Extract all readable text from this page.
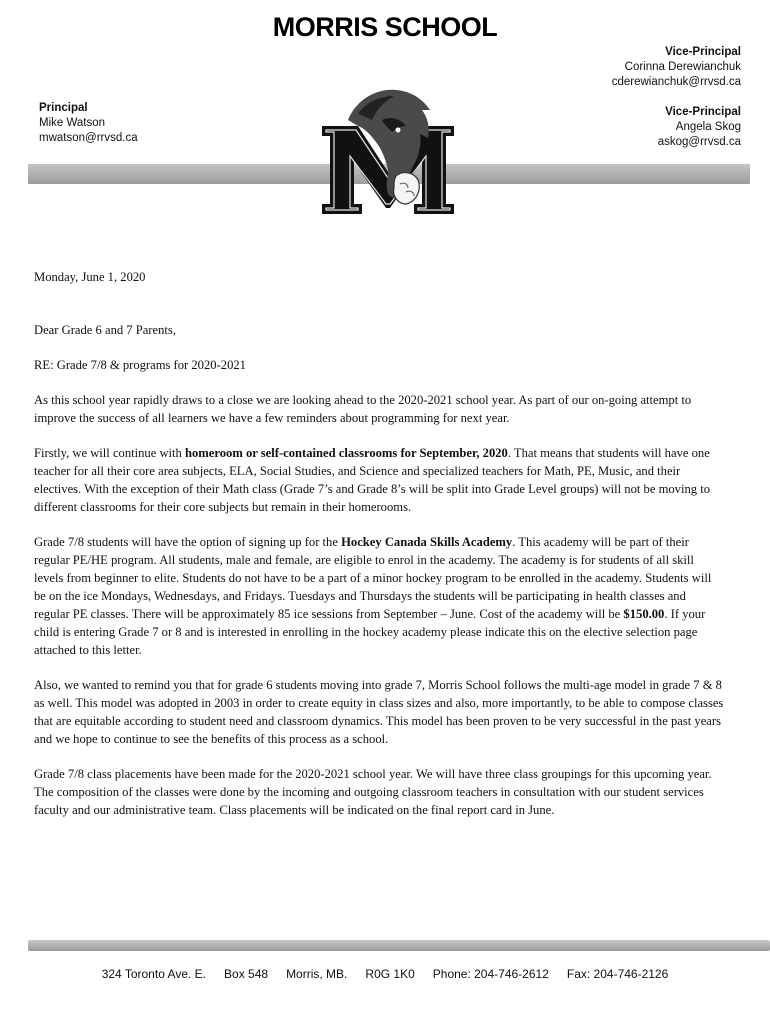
MORRIS SCHOOL
Principal
Mike Watson
mwatson@rrvsd.ca
Vice-Principal
Corinna Derewianchuk
cderewianchuk@rrvsd.ca
Vice-Principal
Angela Skog
askog@rrvsd.ca

Monday, June 1, 2020

Dear Grade 6 and 7 Parents,

RE: Grade 7/8 & programs for 2020-2021

As this school year rapidly draws to a close we are looking ahead to the 2020-2021 school year. As part of our on-going attempt to improve the success of all learners we have a few reminders about programming for next year.

Firstly, we will continue with homeroom or self-contained classrooms for September, 2020. That means that students will have one teacher for all their core area subjects, ELA, Social Studies, and Science and specialized teachers for Math, PE, Music, and their electives. With the exception of their Math class (Grade 7’s and Grade 8’s will be split into Grade Level groups) will not be moving to different classrooms for their core subjects but remain in their homerooms.

Grade 7/8 students will have the option of signing up for the Hockey Canada Skills Academy. This academy will be part of their regular PE/HE program. All students, male and female, are eligible to enrol in the academy. The academy is for students of all skill levels from beginner to elite. Students do not have to be a part of a minor hockey program to be enrolled in the academy. Students will be on the ice Mondays, Wednesdays, and Fridays. Tuesdays and Thursdays the students will be participating in health classes and regular PE classes. There will be approximately 85 ice sessions from September – June. Cost of the academy will be $150.00. If your child is entering Grade 7 or 8 and is interested in enrolling in the hockey academy please indicate this on the elective selection page attached to this letter.

Also, we wanted to remind you that for grade 6 students moving into grade 7, Morris School follows the multi-age model in grade 7 & 8 as well. This model was adopted in 2003 in order to create equity in class sizes and also, more importantly, to be able to compose classes that are equitable according to student need and classroom dynamics. This model has been proven to be very successful in the past years and we hope to continue to see the benefits of this process as a school.

Grade 7/8 class placements have been made for the 2020-2021 school year. We will have three class groupings for this upcoming year. The composition of the classes were done by the incoming and outgoing classroom teachers in consultation with our student services faculty and our administrative team. Class placements will be indicated on the final report card in June.

324 Toronto Ave. E. Box 548 Morris, MB. R0G 1K0 Phone: 204-746-2612 Fax: 204-746-2126
